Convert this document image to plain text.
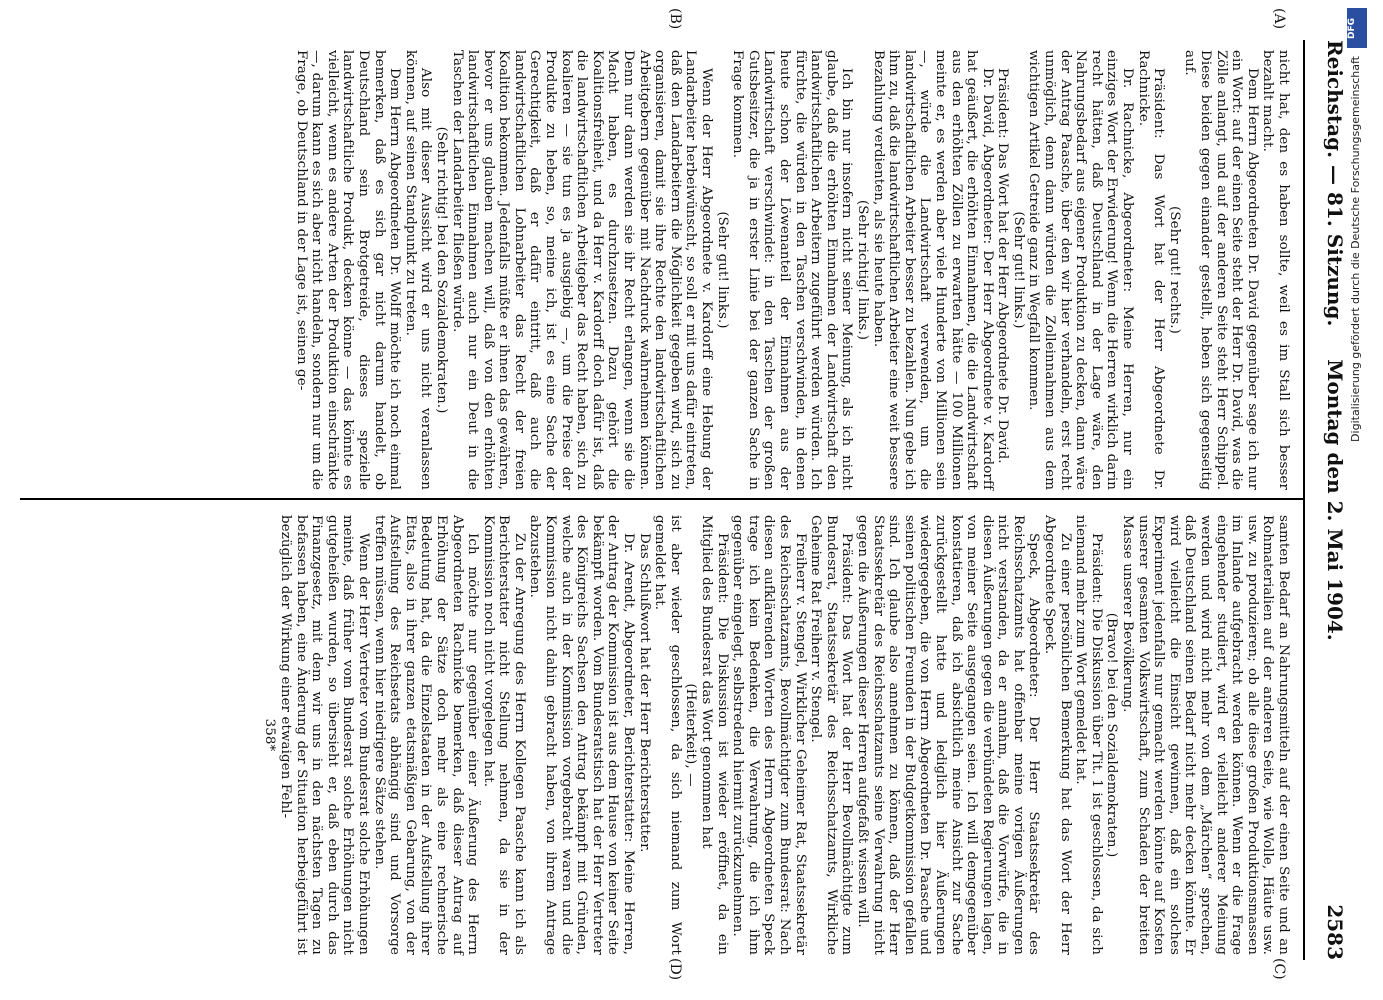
Reichstag. — 81. Sitzung.
Montag den 2. Mai 1904.
2583
(A)
(B)
(C)
(D)

nicht hat, den es haben sollte, weil es im Stall sich besser bezahlt macht.

Dem Herrn Abgeordneten Dr. David gegenüber sage ich nur ein Wort: auf der einen Seite steht der Herr Dr. David, was die Zölle anlangt, und auf der anderen Seite steht Herr Schippel. Diese beiden gegen einander gestellt, heben sich gegenseitig auf.

(Sehr gut! rechts.)

Präsident: Das Wort hat der Herr Abgeordnete Dr. Rachnicke.

Dr. Rachnicke, Abgeordneter: Meine Herren, nur ein einziges Wort der Erwiderung! Wenn die Herren wirklich darin recht hätten, daß Deutschland in der Lage wäre, den Nahrungsbedarf aus eigener Produktion zu decken, dann wäre der Antrag Paasche, über den wir hier verhandeln, erst recht unmöglich, denn dann würden die Zolleinnahmen aus dem wichtigen Artikel Getreide ganz in Wegfall kommen.

(Sehr gut! links.)

Präsident: Das Wort hat der Herr Abgeordnete Dr. David.

Dr. David, Abgeordneter: Der Herr Abgeordnete v. Kardorff hat geäußert, die erhöhten Einnahmen, die die Landwirtschaft aus den erhöhten Zöllen zu erwarten hätte — 100 Millionen meinte er, es werden aber viele Hunderte von Millionen sein —, würde die Landwirtschaft verwenden, um die landwirtschaftlichen Arbeiter besser zu bezahlen. Nun gebe ich ihm zu, daß die landwirtschaftlichen Arbeiter eine weit bessere Bezahlung verdienten, als sie heute haben.

(Sehr richtig! links.)

Ich bin nur insofern nicht seiner Meinung, als ich nicht glaube, daß die erhöhten Einnahmen der Landwirtschaft den landwirtschaftlichen Arbeitern zugeführt werden würden. Ich fürchte, die würden in den Taschen verschwinden, in denen heute schon der Löwenanteil der Einnahmen aus der Landwirtschaft verschwindet: in den Taschen der großen Gutsbesitzer, die ja in erster Linie bei der ganzen Sache in Frage kommen.

(Sehr gut! links.)

Wenn der Herr Abgeordnete v. Kardorff eine Hebung der Landarbeiter herbeiwünscht, so soll er mit uns dafür eintreten, daß den Landarbeitern die Möglichkeit gegeben wird, sich zu organisieren, damit sie ihre Rechte den landwirtschaftlichen Arbeitgebern gegenüber mit Nachdruck wahrnehmen können. Denn nur dann werden sie ihr Recht erlangen, wenn sie die Macht haben, es durchzusetzen. Dazu gehört die Koalitionsfreiheit, und da Herr v. Kardorff doch dafür ist, daß die landwirtschaftlichen Arbeitgeber das Recht haben, sich zu koalieren — sie tun es ja ausgiebig —, um die Preise der Produkte zu heben, so, meine ich, ist es eine Sache der Gerechtigkeit, daß er dafür eintritt, daß auch die landwirtschaftlichen Lohnarbeiter das Recht der freien Koalition bekommen. Jedenfalls müßte er ihnen das gewähren, bevor er uns glauben machen will, daß von den erhöhten landwirtschaftlichen Einnahmen auch nur ein Deut in die Taschen der Landarbeiter fließen würde.

(Sehr richtig! bei den Sozialdemokraten.)

Also mit dieser Aussicht wird er uns nicht veranlassen können, auf seinen Standpunkt zu treten.

Dem Herrn Abgeordneten Dr. Wolff möchte ich noch einmal bemerken, daß es sich gar nicht darum handelt, ob Deutschland sein Brotgetreide, dieses spezielle landwirtschaftliche Produkt, decken könne — das könnte es vielleicht, wenn es andere Arten der Produktion einschränkte —, darum kann es sich aber nicht handeln, sondern nur um die Frage, ob Deutschland in der Lage ist, seinen ge-

samten Bedarf an Nahrungsmitteln auf der einen Seite und an Rohmaterialien auf der anderen Seite, wie Wolle, Häute usw. usw. zu produzieren; ob alle diese großen Produktionsmassen im Inlande aufgebracht werden können. Wenn er die Frage eingehender studiert, wird er vielleicht anderer Meinung werden und wird nicht mehr von dem „Märchen“ sprechen, daß Deutschland seinen Bedarf nicht mehr decken könnte. Er wird vielleicht die Einsicht gewinnen, daß ein solches Experiment jedenfalls nur gemacht werden könnte auf Kosten unserer gesamten Volkswirtschaft, zum Schaden der breiten Masse unserer Bevölkerung.

(Bravo! bei den Sozialdemokraten.)

Präsident: Die Diskussion über Tit. 1 ist geschlossen, da sich niemand mehr zum Wort gemeldet hat.

Zu einer persönlichen Bemerkung hat das Wort der Herr Abgeordnete Speck.

Speck, Abgeordneter: Der Herr Staatssekretär des Reichsschatzamts hat offenbar meine vorigen Äußerungen nicht verstanden, da er annahm, daß die Vorwürfe, die in diesen Äußerungen gegen die verbündeten Regierungen lagen, von meiner Seite ausgegangen seien. Ich will demgegenüber konstatieren, daß ich absichtlich meine Ansicht zur Sache zurückgestellt hatte und lediglich hier Äußerungen wiedergegeben, die von Herrn Abgeordneten Dr. Paasche und seinen politischen Freunden in der Budgetkommission gefallen sind. Ich glaube also annehmen zu können, daß der Herr Staatssekretär des Reichsschatzamts seine Verwahrung nicht gegen die Äußerungen dieser Herren aufgefaßt wissen will.

Präsident: Das Wort hat der Herr Bevollmächtigte zum Bundesrat, Staatssekretär des Reichsschatzamts, Wirkliche Geheime Rat Freiherr v. Stengel.

Freiherr v. Stengel, Wirklicher Geheimer Rat, Staatssekretär des Reichsschatzamts, Bevollmächtigter zum Bundesrat: Nach diesen aufklärenden Worten des Herrn Abgeordneten Speck trage ich kein Bedenken, die Verwahrung, die ich ihm gegenüber eingelegt, selbstredend hiermit zurückzunehmen.

Präsident: Die Diskussion ist wieder eröffnet, da ein Mitglied des Bundesrat das Wort genommen hat

(Heiterkeit), —

ist aber wieder geschlossen, da sich niemand zum Wort gemeldet hat.

Das Schlußwort hat der Herr Berichterstatter.

Dr. Arendt, Abgeordneter, Berichterstatter: Meine Herren, der Antrag der Kommission ist aus dem Hause von keiner Seite bekämpft worden. Vom Bundesratstisch hat der Herr Vertreter des Königreichs Sachsen den Antrag bekämpft mit Gründen, welche auch in der Kommission vorgebracht waren und die Kommission nicht dahin gebracht haben, von ihrem Antrage abzustehen.

Zu der Anregung des Herrn Kollegen Paasche kann ich als Berichterstatter nicht Stellung nehmen, da sie in der Kommission noch nicht vorgelegen hat.

Ich möchte nur gegenüber einer Äußerung des Herrn Abgeordneten Rachnicke bemerken, daß dieser Antrag auf Erhöhung der Sätze doch mehr als eine rechnerische Bedeutung hat, da die Einzelstaaten in der Aufstellung ihrer Etats, also in ihrer ganzen etatsmäßigen Gebarung, von der Aufstellung des Reichsetats abhängig sind und Vorsorge treffen müssen, wenn hier niedrigere Sätze stehen.

Wenn der Herr Vertreter vom Bundesrat solche Erhöhungen meinte, daß früher vom Bundesrat solche Erhöhungen nicht gutgeheißen wurden, so übersieht er, daß eben durch das Finanzgesetz, mit dem wir uns in den nächsten Tagen zu befassen haben, eine Änderung der Situation herbeigeführt ist bezüglich der Wirkung einer etwaigen Fehl-

358*

DFG
Digitalisierung gefördert durch die Deutsche Forschungsgemeinschaft
